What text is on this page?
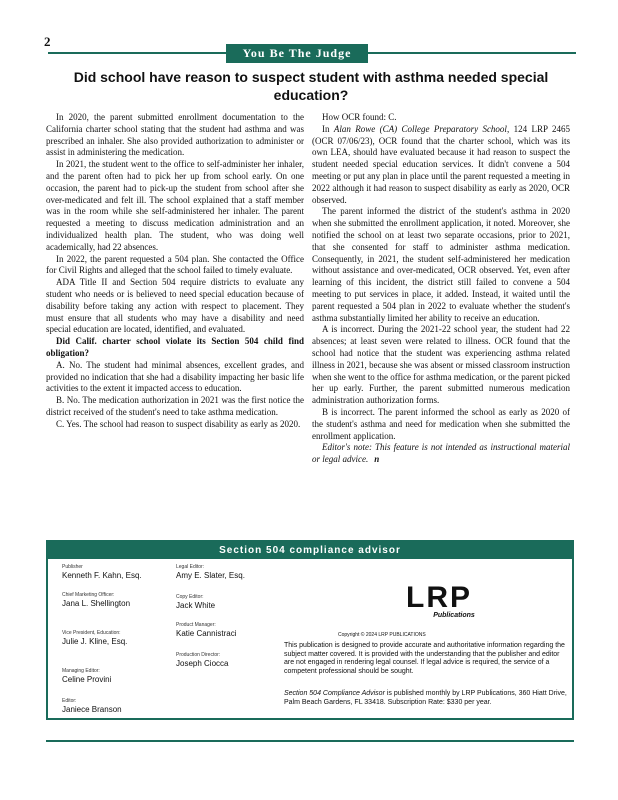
2
You Be The Judge
Did school have reason to suspect student with asthma needed special education?

In 2020, the parent submitted enrollment documentation to the California charter school stating that the student had asthma and was prescribed an inhaler. She also provided authorization to administer or assist in administering the medication.

In 2021, the student went to the office to self-administer her inhaler, and the parent often had to pick her up from school early. On one occasion, the parent had to pick-up the student from school after she over-medicated and felt ill. The school explained that a staff member was in the room while she self-administered her inhaler. The parent requested a meeting to discuss medication administration and an individualized health plan. The student, who was doing well academically, had 22 absences.

In 2022, the parent requested a 504 plan. She contacted the Office for Civil Rights and alleged that the school failed to timely evaluate.

ADA Title II and Section 504 require districts to evaluate any student who needs or is believed to need special education because of disability before taking any action with respect to placement. They must ensure that all students who may have a disability and need special education are located, identified, and evaluated.

Did Calif. charter school violate its Section 504 child find obligation?

A. No. The student had minimal absences, excellent grades, and provided no indication that she had a disability impacting her basic life activities to the extent it impacted access to education.

B. No. The medication authorization in 2021 was the first notice the district received of the student's need to take asthma medication.

C. Yes. The school had reason to suspect disability as early as 2020.

How OCR found: C.

In Alan Rowe (CA) College Preparatory School, 124 LRP 2465 (OCR 07/06/23), OCR found that the charter school, which was its own LEA, should have evaluated because it had reason to suspect the student needed special education services. It didn't convene a 504 meeting or put any plan in place until the parent requested a meeting in 2022 although it had reason to suspect disability as early as 2020, OCR observed.

The parent informed the district of the student's asthma in 2020 when she submitted the enrollment application, it noted. Moreover, she notified the school on at least two separate occasions, prior to 2021, that she consented for staff to administer asthma medication. Consequently, in 2021, the student self-administered her medication without assistance and over-medicated, OCR observed. Yet, even after learning of this incident, the district still failed to convene a 504 meeting to put services in place, it added. Instead, it waited until the parent requested a 504 plan in 2022 to evaluate whether the student's asthma substantially limited her ability to receive an education.

A is incorrect. During the 2021-22 school year, the student had 22 absences; at least seven were related to illness. OCR found that the school had notice that the student was experiencing asthma related illness in 2021, because she was absent or missed classroom instruction when she went to the office for asthma medication, or the parent picked her up early. Further, the parent submitted numerous medication administration authorization forms.

B is incorrect. The parent informed the school as early as 2020 of the student's asthma and need for medication when she submitted the enrollment application.

Editor's note: This feature is not intended as instructional material or legal advice. n

Section 504 compliance advisor
Publisher
Kenneth F. Kahn, Esq.
Chief Marketing Officer:
Jana L. Shellington
Vice President, Education:
Julie J. Kline, Esq.
Managing Editor:
Celine Provini
Editor:
Janiece Branson
Legal Editor:
Amy E. Slater, Esq.
Copy Editor:
Jack White
Product Manager:
Katie Cannistraci
Production Director:
Joseph Ciocca
LRP
Publications
Copyright © 2024 LRP PUBLICATIONS
This publication is designed to provide accurate and authoritative information regarding the subject matter covered. It is provided with the understanding that the publisher and editor are not engaged in rendering legal counsel. If legal advice is required, the service of a competent professional should be sought.
Section 504 Compliance Advisor is published monthly by LRP Publications, 360 Hiatt Drive, Palm Beach Gardens, FL 33418. Subscription Rate: $330 per year.
